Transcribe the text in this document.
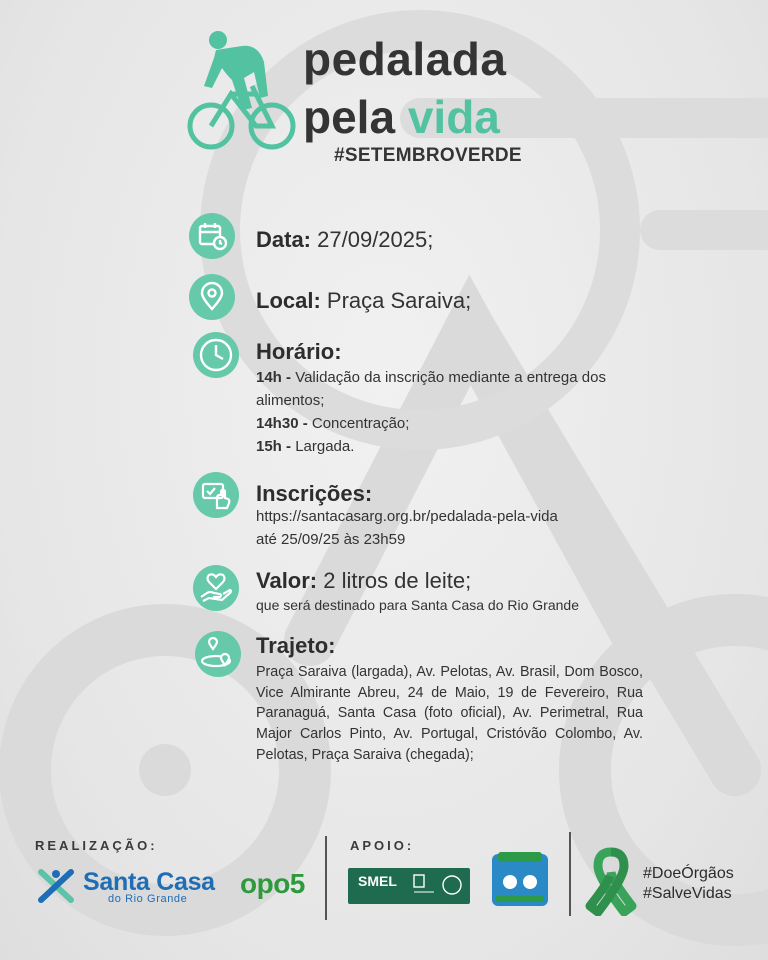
pedalada
pela vida
#SETEMBROVERDE
Data: 27/09/2025;
Local: Praça Saraiva;
Horário:
14h - Validação da inscrição mediante a entrega dos alimentos;
14h30 - Concentração;
15h - Largada.
Inscrições:
https://santacasarg.org.br/pedalada-pela-vida
até 25/09/25 às 23h59
Valor: 2 litros de leite;
que será destinado para Santa Casa do Rio Grande
Trajeto:
Praça Saraiva (largada), Av. Pelotas, Av. Brasil, Dom Bosco, Vice Almirante Abreu, 24 de Maio, 19 de Fevereiro, Rua Paranaguá, Santa Casa (foto oficial), Av. Perimetral, Rua Major Carlos Pinto, Av. Portugal, Cristóvão Colombo, Av. Pelotas, Praça Saraiva (chegada);
REALIZAÇÃO:	APOIO:
Santa Casa
do Rio Grande opo5	SMEL	#DoeÓrgãos
#SalveVidas
